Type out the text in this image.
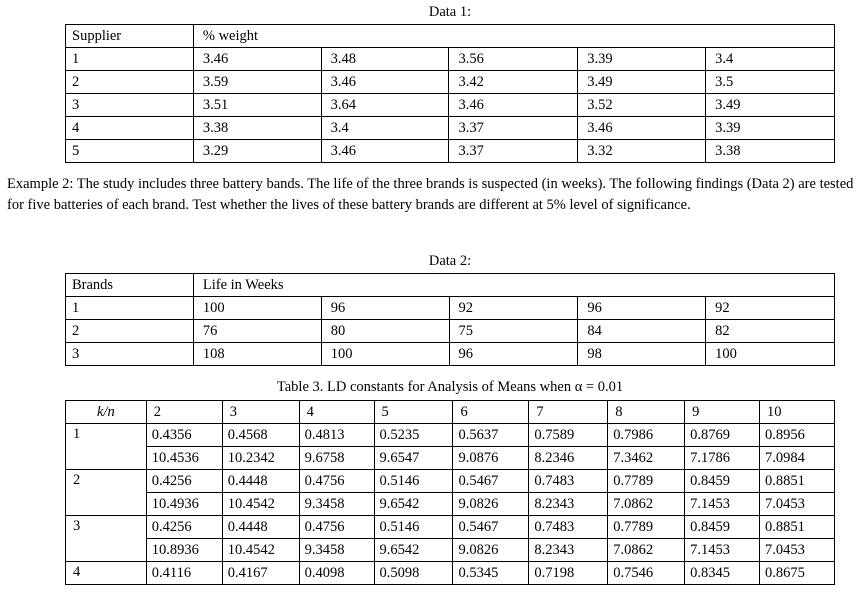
Data 1:
Supplier	% weight				
1	3.46	3.48	3.56	3.39	3.4
2	3.59	3.46	3.42	3.49	3.5
3	3.51	3.64	3.46	3.52	3.49
4	3.38	3.4	3.37	3.46	3.39
5	3.29	3.46	3.37	3.32	3.38
Example 2: The study includes three battery bands. The life of the three brands is suspected (in weeks). The following findings (Data 2) are tested for five batteries of each brand. Test whether the lives of these battery brands are different at 5% level of significance.
Data 2:
Brands	Life in Weeks				
1	100	96	92	96	92
2	76	80	75	84	82
3	108	100	96	98	100
Table 3. LD constants for Analysis of Means when α = 0.01
k/n	2	3	4	5	6	7	8	9	10
1	0.4356	0.4568	0.4813	0.5235	0.5637	0.7589	0.7986	0.8769	0.8956
	10.4536	10.2342	9.6758	9.6547	9.0876	8.2346	7.3462	7.1786	7.0984
2	0.4256	0.4448	0.4756	0.5146	0.5467	0.7483	0.7789	0.8459	0.8851
	10.4936	10.4542	9.3458	9.6542	9.0826	8.2343	7.0862	7.1453	7.0453
3	0.4256	0.4448	0.4756	0.5146	0.5467	0.7483	0.7789	0.8459	0.8851
	10.8936	10.4542	9.3458	9.6542	9.0826	8.2343	7.0862	7.1453	7.0453
4	0.4116	0.4167	0.4098	0.5098	0.5345	0.7198	0.7546	0.8345	0.8675
